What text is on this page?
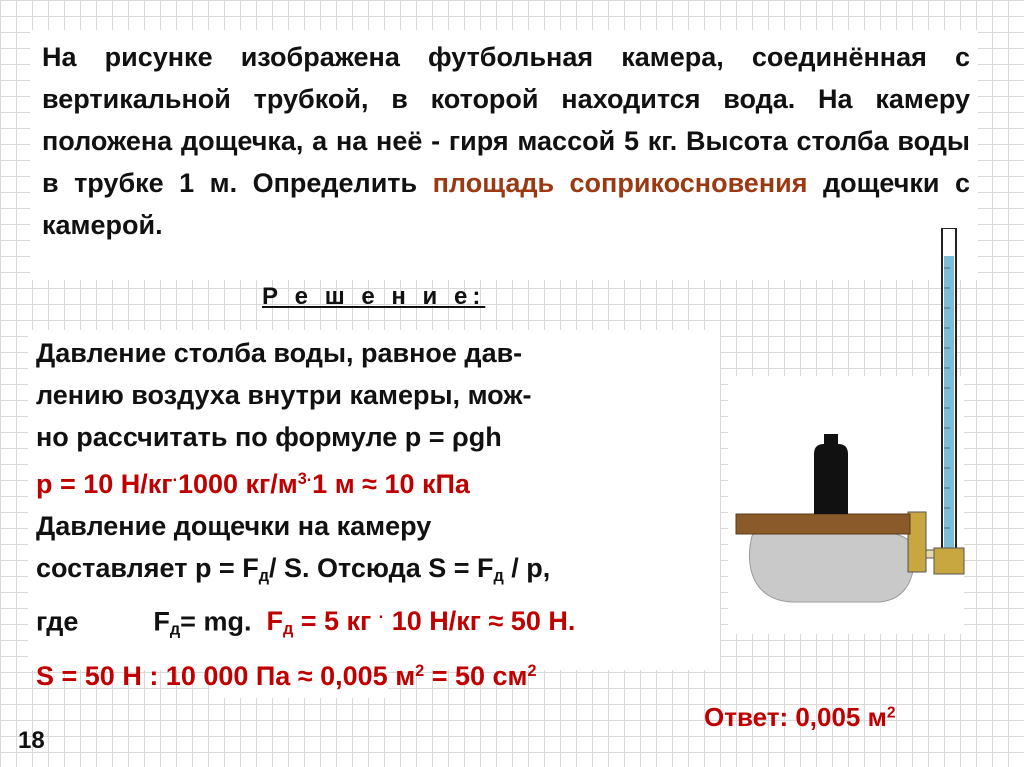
На рисунке изображена футбольная камера, соединённая с вертикальной трубкой, в которой находится вода. На камеру положена дощечка, а на неё - гиря массой 5 кг. Высота столба воды в трубке 1 м. Определить площадь соприкосновения дощечки с камерой.

Р е ш е н и е:

Давление столба воды, равное дав-
лению воздуха внутри камеры, мож-
но рассчитать по формуле p = ρgh
p = 10 Н/кг·1000 $кг/м^{3\cdot}1$ м ≈ 10 кПа
Давление дощечки на камеру
составляет $p = F_д/$ S. Отсюда $S = F_д / p$,
где          $F_д=$ mg.  $F_д = 5$ кг · 10 Н/кг ≈ 50 Н.
S = 50 Н : 10 000 Па ≈ 0,005 $м^2 = 50$ $см^2$
Ответ: 0,005 $м^2$
18
